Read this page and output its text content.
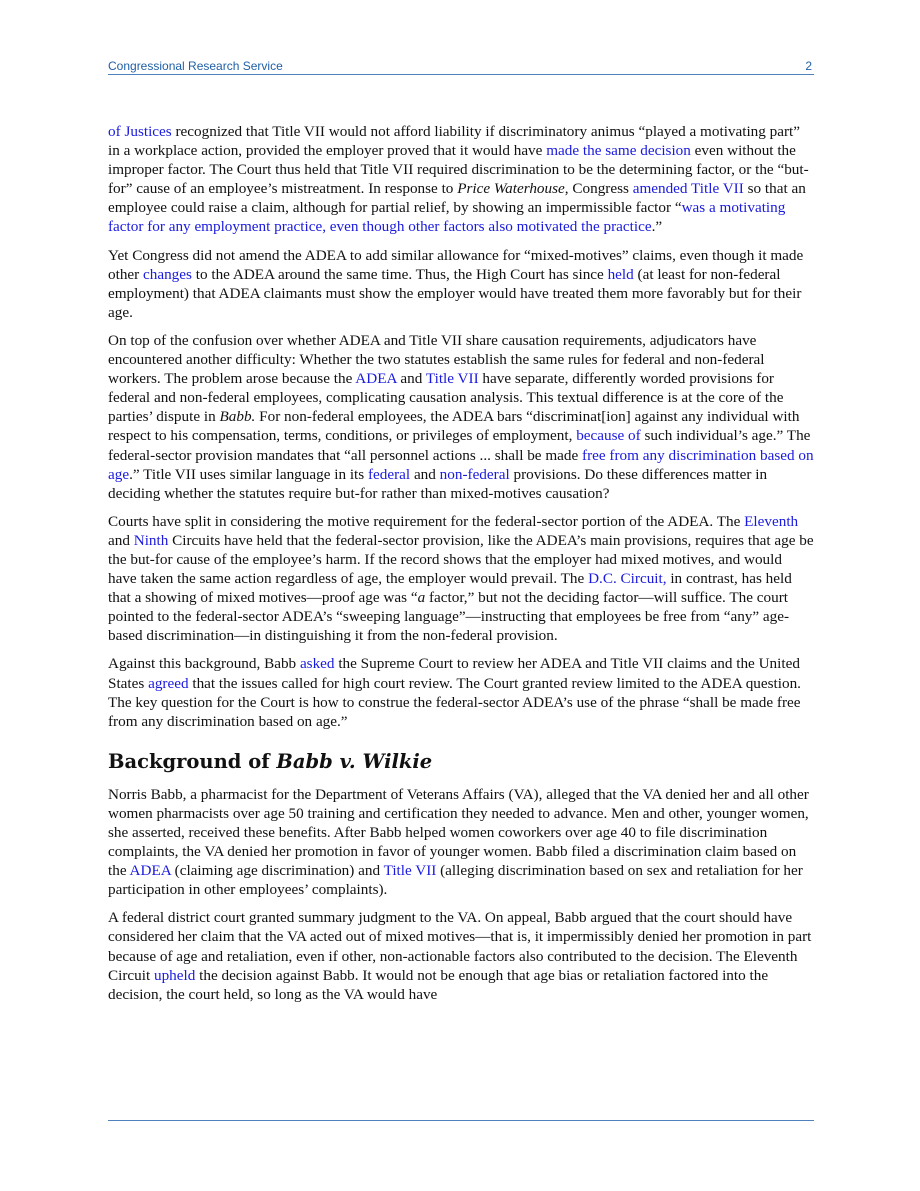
Congressional Research Service	2

of Justices recognized that Title VII would not afford liability if discriminatory animus “played a motivating part” in a workplace action, provided the employer proved that it would have made the same decision even without the improper factor. The Court thus held that Title VII required discrimination to be the determining factor, or the “but-for” cause of an employee’s mistreatment. In response to Price Waterhouse, Congress amended Title VII so that an employee could raise a claim, although for partial relief, by showing an impermissible factor “was a motivating factor for any employment practice, even though other factors also motivated the practice.”

Yet Congress did not amend the ADEA to add similar allowance for “mixed-motives” claims, even though it made other changes to the ADEA around the same time. Thus, the High Court has since held (at least for non-federal employment) that ADEA claimants must show the employer would have treated them more favorably but for their age.

On top of the confusion over whether ADEA and Title VII share causation requirements, adjudicators have encountered another difficulty: Whether the two statutes establish the same rules for federal and non-federal workers. The problem arose because the ADEA and Title VII have separate, differently worded provisions for federal and non-federal employees, complicating causation analysis. This textual difference is at the core of the parties’ dispute in Babb. For non-federal employees, the ADEA bars “discriminat[ion] against any individual with respect to his compensation, terms, conditions, or privileges of employment, because of such individual’s age.” The federal-sector provision mandates that “all personnel actions ... shall be made free from any discrimination based on age.” Title VII uses similar language in its federal and non-federal provisions. Do these differences matter in deciding whether the statutes require but-for rather than mixed-motives causation?

Courts have split in considering the motive requirement for the federal-sector portion of the ADEA. The Eleventh and Ninth Circuits have held that the federal-sector provision, like the ADEA’s main provisions, requires that age be the but-for cause of the employee’s harm. If the record shows that the employer had mixed motives, and would have taken the same action regardless of age, the employer would prevail. The D.C. Circuit, in contrast, has held that a showing of mixed motives—proof age was “a factor,” but not the deciding factor—will suffice. The court pointed to the federal-sector ADEA’s “sweeping language”—instructing that employees be free from “any” age-based discrimination—in distinguishing it from the non-federal provision.

Against this background, Babb asked the Supreme Court to review her ADEA and Title VII claims and the United States agreed that the issues called for high court review. The Court granted review limited to the ADEA question. The key question for the Court is how to construe the federal-sector ADEA’s use of the phrase “shall be made free from any discrimination based on age.”

Background of Babb v. Wilkie

Norris Babb, a pharmacist for the Department of Veterans Affairs (VA), alleged that the VA denied her and all other women pharmacists over age 50 training and certification they needed to advance. Men and other, younger women, she asserted, received these benefits. After Babb helped women coworkers over age 40 to file discrimination complaints, the VA denied her promotion in favor of younger women. Babb filed a discrimination claim based on the ADEA (claiming age discrimination) and Title VII (alleging discrimination based on sex and retaliation for her participation in other employees’ complaints).

A federal district court granted summary judgment to the VA. On appeal, Babb argued that the court should have considered her claim that the VA acted out of mixed motives—that is, it impermissibly denied her promotion in part because of age and retaliation, even if other, non-actionable factors also contributed to the decision. The Eleventh Circuit upheld the decision against Babb. It would not be enough that age bias or retaliation factored into the decision, the court held, so long as the VA would have
